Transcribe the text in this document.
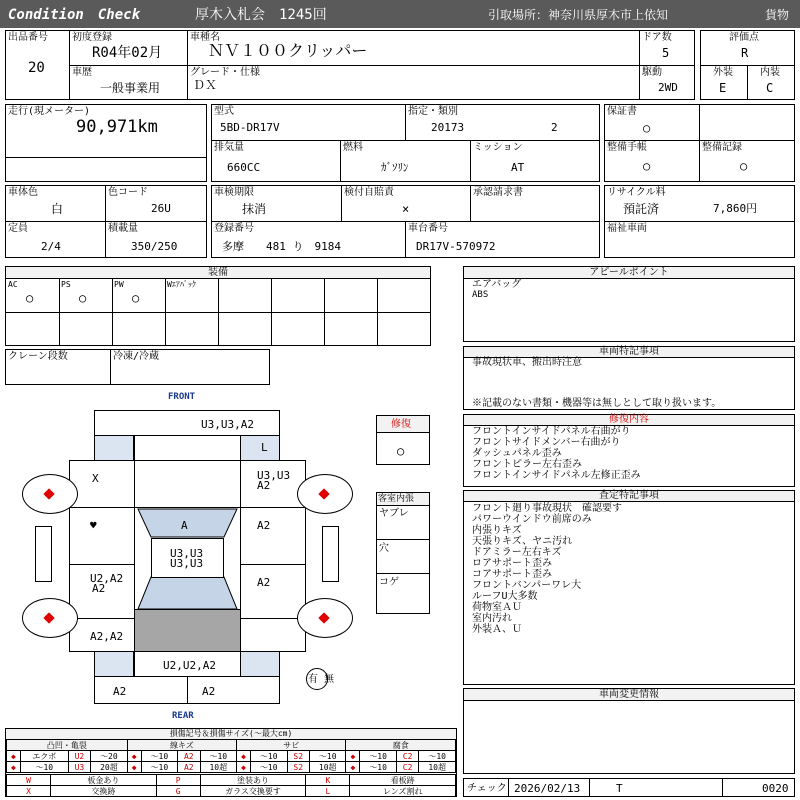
Condition　Check	厚木入札会　1245回	引取場所：神奈川県厚木市上依知	貨物
出品番号
20
初度登録
R04年02月
車種名
ＮＶ１００クリッパー
ドア数
5
評価点
R
車歴
一般事業用
グレード・仕様
ＤＸ
駆動
2WD
外装
E
内装
C
走行(現メーター)
90,971km
型式
5BD-DR17V
指定・類別
20173	2
保証書
○
排気量
660CC
燃料
ｶﾞｿﾘﾝ
ミッション
AT
整備手帳
○
整備記録
○
車体色
白
色コード
26U
車検期限
抹消
検付自賠責
×
承認請求書	リサイクル料
預託済	7,860円
定員
2/4
積載量
350/250
登録番号
多摩　　481 り　9184
車台番号
DR17V-570972
福祉車両
装備
AC
○
PS
○
PW
○
Wｴｱﾊﾞｯｸ
クレーン段数	冷凍/冷蔵
アピールポイント
エアバッグ
ABS
車両特記事項
事故現状車、搬出時注意
※記載のない書類・機器等は無しとして取り扱います。
修復内容
フロントインサイドパネル右曲がり
フロントサイドメンバー右曲がり
ダッシュパネル歪み
フロントピラー左右歪み
フロントインサイドパネル左修正歪み
査定特記事項
フロント廻り事故現状　確認要す
パワーウインドウ前席のみ
内張りキズ
天張りキズ、ヤニ汚れ
ドアミラー左右キズ
ロアサポート歪み
コアサポート歪み
フロントバンパーワレ大
ルーフU大多数
荷物室ＡＵ
室内汚れ
外装Ａ、Ｕ
車両変更情報
チェック 2026/02/13	T	0020
修復
○
客室内張
ヤブレ
穴
コゲ
FRONT
REAR
U3,U3,A2
L
X
♥
U2,A2
A2
A2,A2
U3,U3
A2
A2
A2
A
U3,U3
U3,U3
U2,U2,A2
A2	A2
有 無
損傷記号＆損傷サイズ(～最大cm)
凸凹・亀裂				線キズ				サビ				腐食			
◆	エクボ	U2	～20	◆	～10	A2	～10	◆	～10	S2	～10	◆	～10	C2	～10
◆	～10	U3	20超	◆	～10	A2	10超	◆	～10	S2	10超	◆	～10	C2	10超
W	板金あり	P	塗装あり	K	看板跡
X	交換跡	G	ガラス交換要す	L	レンズ割れ
